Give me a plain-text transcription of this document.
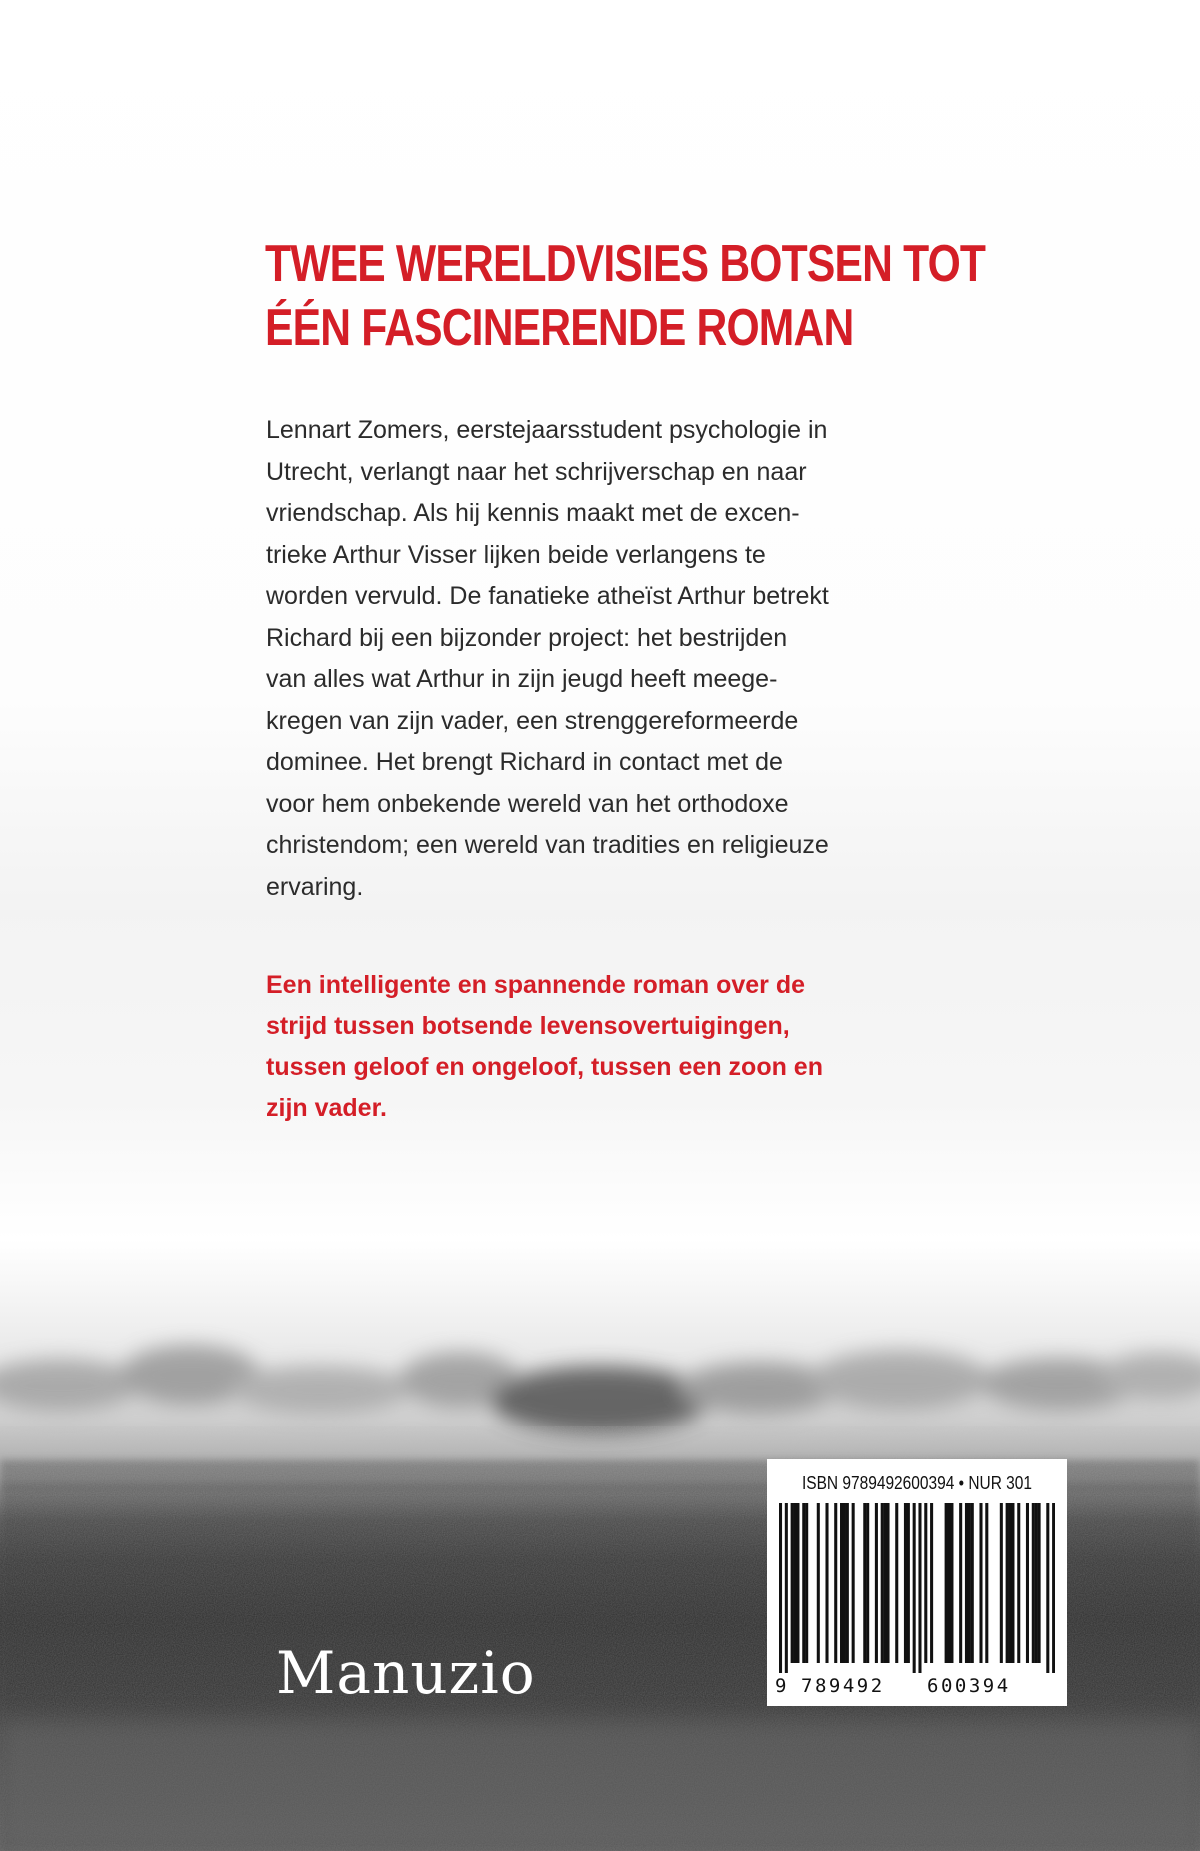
TWEE WERELDVISIES BOTSEN TOT
ÉÉN FASCINERENDE ROMAN

Lennart Zomers, eerstejaarsstudent psychologie in
Utrecht, verlangt naar het schrijverschap en naar
vriendschap. Als hij kennis maakt met de excen-
trieke Arthur Visser lijken beide verlangens te
worden vervuld. De fanatieke atheïst Arthur betrekt
Richard bij een bijzonder project: het bestrijden
van alles wat Arthur in zijn jeugd heeft meege-
kregen van zijn vader, een strenggereformeerde
dominee. Het brengt Richard in contact met de
voor hem onbekende wereld van het orthodoxe
christendom; een wereld van tradities en religieuze
ervaring.

Een intelligente en spannende roman over de
strijd tussen botsende levensovertuigingen,
tussen geloof en ongeloof, tussen een zoon en
zijn vader.

Manuzio
ISBN 9789492600394 • NUR 301
9 789492 600394
